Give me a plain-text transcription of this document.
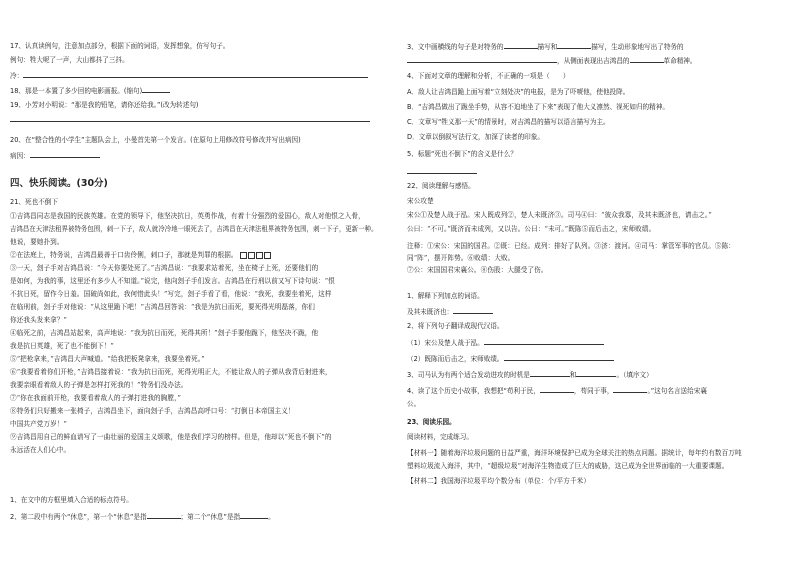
17、认真读例句，注意加点部分，根据下面的词语，发挥想象，仿写句子。
例句：牲大呢了一声，大山都抖了三抖。
冷：
18、那是一本置了多少回的电影画报。(缩句)
19、小芳对小明说：“那是我的铅笔，请你还给我。”(改为转述句)
20、在“整合性的小学生”主题队会上，小曼首先第一个发言。(在原句上用修改符号修改并写出病因)
病因：
四、快乐阅读。(30分)
21、死也不倒下
①吉鸿昌同志是我国的民族英雄。在党的领导下，他坚决抗日，英勇作战，有着十分强烈的爱国心，敌人对他恨之入骨，
吉鸿昌在天津法租界被特务包围，刺一下子，敌人就冷冷地一眼死去了，吉鸿昌在天津法租界被特务包围，刺一下子，更新一种。
他说，要她扑到。
②在法庭上，特务说，吉鸿昌最善于口齿伶俐，刺口子，那就是判罪的根据。
③一天，刽子手对吉鸿昌说：“今天你要处死了。”吉鸿昌说：“我要求站着死，坐在椅子上死，还要他们的
是如何，为我的事，这里还有多少人不知道。”说完，他向刽子手们发言。吉鸿昌在行刑以前又写下诗句说：“恨
不抗日死，留作今日羞。国破尚如此，我何惜此头！”写完，刽子手看了看，他说：“我死，我要坐着死，这样
在临刑前，刽子手对他说：“从这里跪下吧！”吉鸿昌回答说：“我是为抗日而死，要死得光明磊落，你们
你还我头发来拿？”
④临死之前，吉鸿昌站起来，高声地说：“我为抗日而死，死得其所！”刽子手要他跪下，他坚决不跪，他
我是抗日英雄，死了也不能倒下！”
⑤“把枪拿来，”吉鸿昌大声喊道。“给我把板凳拿来，我要坐着死。”
⑥“我要看着你们开枪，”吉鸿昌接着说：“我为抗日而死，死得光明正大，不能让敌人的子弹从我背后射进来，
我要亲眼看着敌人的子弹是怎样打死我的！”特务们没办法。
⑦“你在我面前开枪，我要看着敌人的子弹打进我的胸膛，”
⑧特务们只好搬来一张椅子，吉鸿昌坐下，面向刽子手，吉鸿昌高呼口号：“打倒日本帝国主义！
中国共产党万岁！”
⑨吉鸿昌用自己的鲜血谱写了一曲壮丽的爱国主义颂歌，他是我们学习的榜样。但是，他却以“死也不倒下”的
永远活在人们心中。
1、在文中的方框里填入合适的标点符号。
2、第二段中有两个“休息”，第一个“休息”是指	；第二个“休息”是指	。
3、文中画横线的句子是对特务的	描写和	描写，生动形象地写出了特务的
，从侧面表现出吉鸿昌的	革命精神。
4、下面对文章的理解和分析，不正确的一项是（　　）
A．敌人让吉鸿昌跪上面写着“立刻处决”的电报，是为了吓唬他，使他投降。
B．“吉鸿昌做出了跪坐手势，从容不迫地坐了下来”表现了他大义凛然、视死如归的精神。
C．文章写“牲义那一天”的情景时，对吉鸿昌的描写以语言描写为主。
D．文章以倒叙写法行文，加深了读者的印象。
5、标题“死也不倒下”的含义是什么？
22、阅读理解与感悟。
宋公攻楚
宋公①及楚人战于泓。宋人既成列②，楚人未既济③。司马④曰：“彼众我寡，及其未既济也，请击之。”
公曰：“不可。”既济而未成列，又以告。公曰：“未可。”既陈⑤而后击之，宋师败绩。
注释：①宋公：宋国的国君。②既：已经。成列：排好了队列。③济：渡河。④司马：掌管军事的官员。⑤陈：
同“阵”，摆开阵势。⑥败绩：大败。
⑦公：宋国国君宋襄公。⑧伤股：大腿受了伤。
1、解释下列加点的词语。
及其未既济也：
2、将下列句子翻译成现代汉语。
（1）宋公及楚人战于泓。
（2）既陈而后击之，宋师败绩。
3、司马认为有两个适合发动进攻的时机是	和	。（填序文）
4、读了这个历史小故事，我想把“苟利于民，	，苟同于事，	。”这句名言送给宋襄
公。
23、阅读乐园。
阅读材料，完成练习。
【材料一】随着海洋垃圾问题的日益严重，海洋环境保护已成为全球关注的热点问题。据统计，每年约有数百万吨
塑料垃圾流入海洋，其中，“超级垃圾”对海洋生物造成了巨大的威胁，这已成为全世界面临的一大重要课题。
【材料二】我国海洋垃圾平均个数分布（单位：个/平方千米）
